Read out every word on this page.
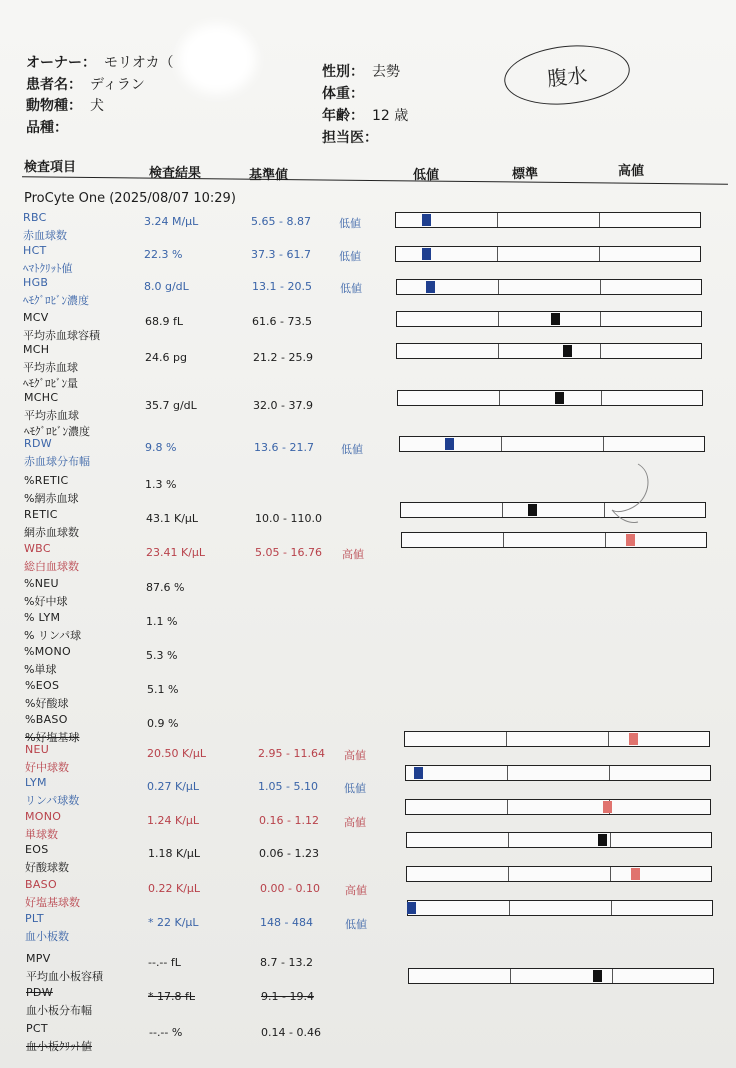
オーナー： モリオカ（
患者名： ディラン
動物種： 犬
品種：
性別： 去勢
体重：
年齢： 12 歳
担当医：
腹水
検査項目	検査結果	基準値	低値	標準	高値
ProCyte One (2025/08/07 10:29)
RBC
赤血球数
3.24 M/μL	5.65 - 8.87	低値
HCT
ﾍﾏﾄｸﾘｯﾄ値
22.3 %	37.3 - 61.7	低値
HGB
ﾍﾓｸﾞﾛﾋﾞﾝ濃度
8.0 g/dL	13.1 - 20.5	低値
MCV
平均赤血球容積
68.9 fL	61.6 - 73.5
MCH
平均赤血球
ﾍﾓｸﾞﾛﾋﾞﾝ量
24.6 pg	21.2 - 25.9
MCHC
平均赤血球
ﾍﾓｸﾞﾛﾋﾞﾝ濃度
35.7 g/dL	32.0 - 37.9
RDW
赤血球分布幅
9.8 %	13.6 - 21.7 低値
%RETIC
%網赤血球
1.3 %
RETIC
網赤血球数
43.1 K/μL	10.0 - 110.0
WBC
総白血球数
23.41 K/μL	5.05 - 16.76 高値
%NEU
%好中球
87.6 %
% LYM
% リンパ球
1.1 %
%MONO
%単球
5.3 %
%EOS
%好酸球
5.1 %
%BASO
%好塩基球
0.9 %
NEU
好中球数
20.50 K/μL	2.95 - 11.64 高値
LYM
リンパ球数
0.27 K/μL	1.05 - 5.10 低値
MONO
単球数
1.24 K/μL	0.16 - 1.12 高値
EOS
好酸球数
1.18 K/μL	0.06 - 1.23
BASO
好塩基球数
0.22 K/μL	0.00 - 0.10 高値
PLT
血小板数
* 22 K/μL	148 - 484	低値
MPV
平均血小板容積
--.-- fL	8.7 - 13.2
PDW
血小板分布幅
* 17.8 fL	9.1 - 19.4
PCT
血小板ｸﾘｯﾄ値
--.-- %	0.14 - 0.46
